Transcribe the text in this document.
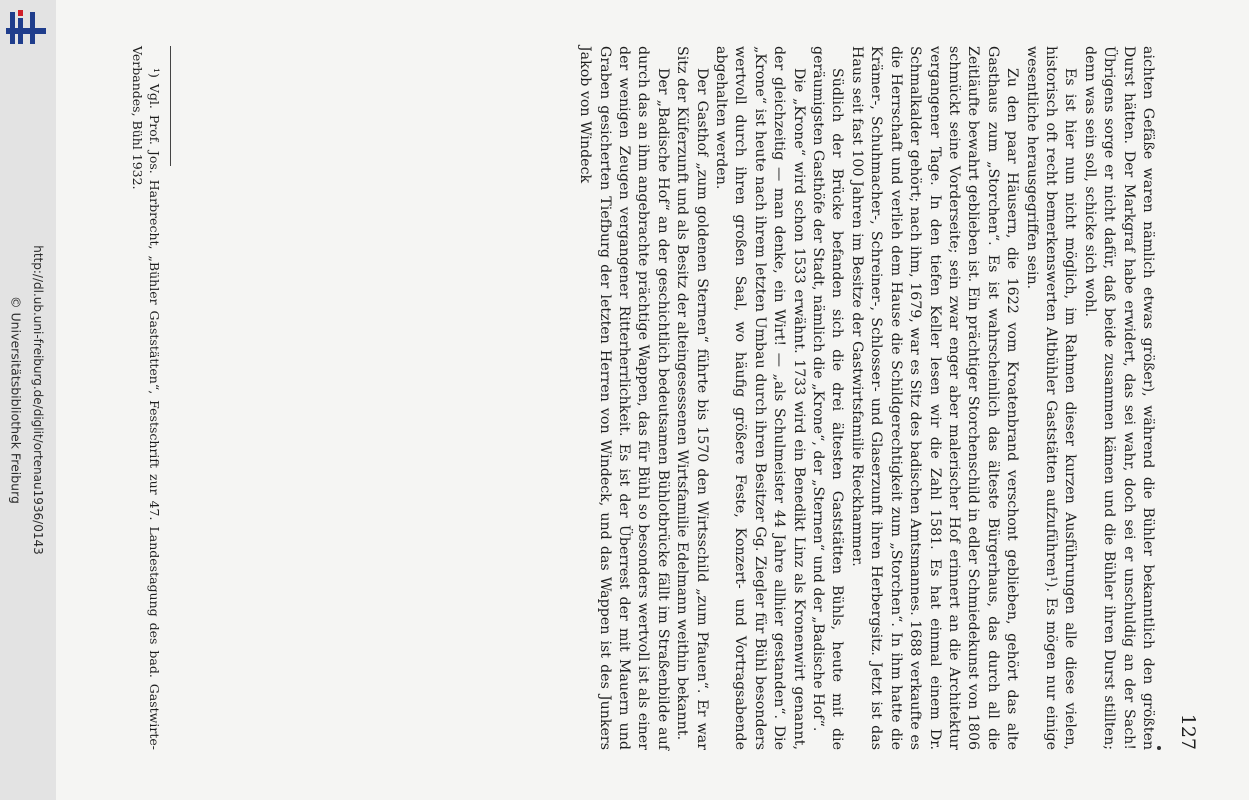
http://dl.ub.uni-freiburg.de/diglit/ortenau1936/0143
© Universitätsbibliothek Freiburg
127

aichten Gefäße waren nämlich etwas größer), während die Bühler bekanntlich den größten Durst hätten. Der Markgraf habe erwidert, das sei wahr, doch sei er unschuldig an der Sach! Übrigens sorge er nicht dafür, daß beide zusammen kämen und die Bühler ihren Durst stillten; denn was sein soll, schicke sich wohl.

Es ist hier nun nicht möglich, im Rahmen dieser kurzen Ausführungen alle diese vielen, historisch oft recht bemerkenswerten Altbühler Gaststätten aufzuführen¹). Es mögen nur einige wesentliche herausgegriffen sein.

Zu den paar Häusern, die 1622 vom Kroatenbrand verschont geblieben, gehört das alte Gasthaus zum „Storchen“. Es ist wahrscheinlich das älteste Bürgerhaus, das durch all die Zeitläufte bewahrt geblieben ist. Ein prächtiger Storchenschild in edler Schmiedekunst von 1806 schmückt seine Vorderseite; sein zwar enger aber malerischer Hof erinnert an die Architektur vergangener Tage. In den tiefen Keller lesen wir die Zahl 1581. Es hat einmal einem Dr. Schmalkalder gehört; nach ihm, 1679, war es Sitz des badischen Amtsmannes. 1688 verkaufte es die Herrschaft und verlieh dem Hause die Schildgerechtigkeit zum „Storchen“. In ihm hatte die Krämer-, Schuhmacher-, Schreiner-, Schlosser- und Glaserzunft ihren Herbergsitz. Jetzt ist das Haus seit fast 100 Jahren im Besitze der Gastwirtsfamilie Rieckhammer.

Südlich der Brücke befanden sich die drei ältesten Gaststätten Bühls, heute mit die geräumigsten Gasthöfe der Stadt, nämlich die „Krone“, der „Sternen“ und der „Badische Hof“.

Die „Krone“ wird schon 1533 erwähnt. 1733 wird ein Benedikt Linz als Kronenwirt genannt, der gleichzeitig — man denke, ein Wirt! — „als Schulmeister 44 Jahre allhier gestanden“. Die „Krone“ ist heute nach ihrem letzten Umbau durch ihren Besitzer Gg. Ziegler für Bühl besonders wertvoll durch ihren großen Saal, wo häufig größere Feste, Konzert- und Vortragsabende abgehalten werden.

Der Gasthof „zum goldenen Sternen“ führte bis 1570 den Wirtsschild „zum Pfauen“. Er war Sitz der Küferzunft und als Besitz der alteingesessenen Wirtsfamilie Edelmann weithin bekannt.

Der „Badische Hof“ an der geschichtlich bedeutsamen Bühlotbrücke fällt im Straßenbilde auf durch das an ihm angebrachte prächtige Wappen, das für Bühl so besonders wertvoll ist als einer der wenigen Zeugen vergangener Ritterherrlichkeit. Es ist der Überrest der mit Mauern und Graben gesicherten Tiefburg der letzten Herren von Windeck, und das Wappen ist des Junkers Jakob von Windeck

¹) Vgl. Prof. Jos. Harbrecht, „Bühler Gaststätten“, Festschrift zur 47. Landestagung des bad. Gastwirte-Verbandes, Bühl 1932.
